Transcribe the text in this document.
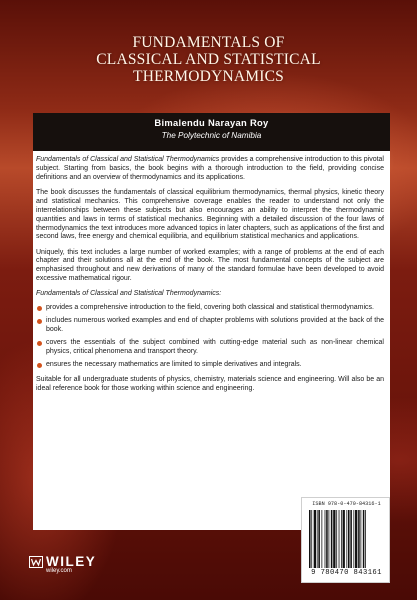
FUNDAMENTALS OF
CLASSICAL AND STATISTICAL
THERMODYNAMICS
Bimalendu Narayan Roy
The Polytechnic of Namibia

Fundamentals of Classical and Statistical Thermodynamics provides a comprehensive introduction to this pivotal subject. Starting from basics, the book begins with a thorough introduction to the field, providing concise definitions and an overview of thermodynamics and its applications.

The book discusses the fundamentals of classical equilibrium thermodynamics, thermal physics, kinetic theory and statistical mechanics. This comprehensive coverage enables the reader to understand not only the interrelationships between these subjects but also encourages an ability to interpret the thermodynamic quantities and laws in terms of statistical mechanics. Beginning with a detailed discussion of the four laws of thermodynamics the text introduces more advanced topics in later chapters, such as applications of the first and second laws, free energy and chemical equilibria, and equilibrium statistical mechanics and applications.

Uniquely, this text includes a large number of worked examples; with a range of problems at the end of each chapter and their solutions all at the end of the book. The most fundamental concepts of the subject are emphasised throughout and new derivations of many of the standard formulae have been developed to avoid excessive mathematical rigour.

Fundamentals of Classical and Statistical Thermodynamics:

provides a comprehensive introduction to the field, covering both classical and statistical thermodynamics.
includes numerous worked examples and end of chapter problems with solutions provided at the back of the book.
covers the essentials of the subject combined with cutting-edge material such as non-linear chemical physics, critical phenomena and transport theory.
ensures the necessary mathematics are limited to simple derivatives and integrals.

Suitable for all undergraduate students of physics, chemistry, materials science and engineering. Will also be an ideal reference book for those working within science and engineering.

WILEY
wiley.com
ISBN 978-0-470-84316-1
9 780470 843161
